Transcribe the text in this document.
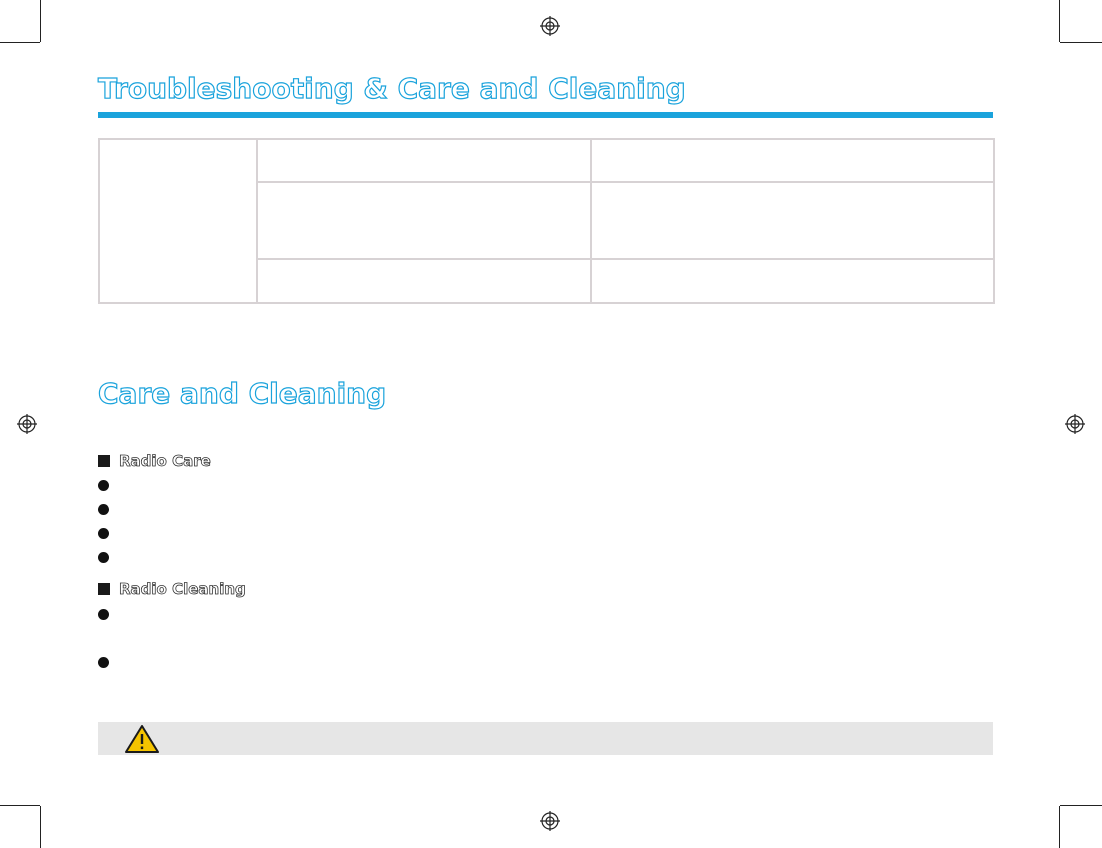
Troubleshooting & Care and Cleaning

Care and Cleaning
Radio Care
Radio Cleaning
